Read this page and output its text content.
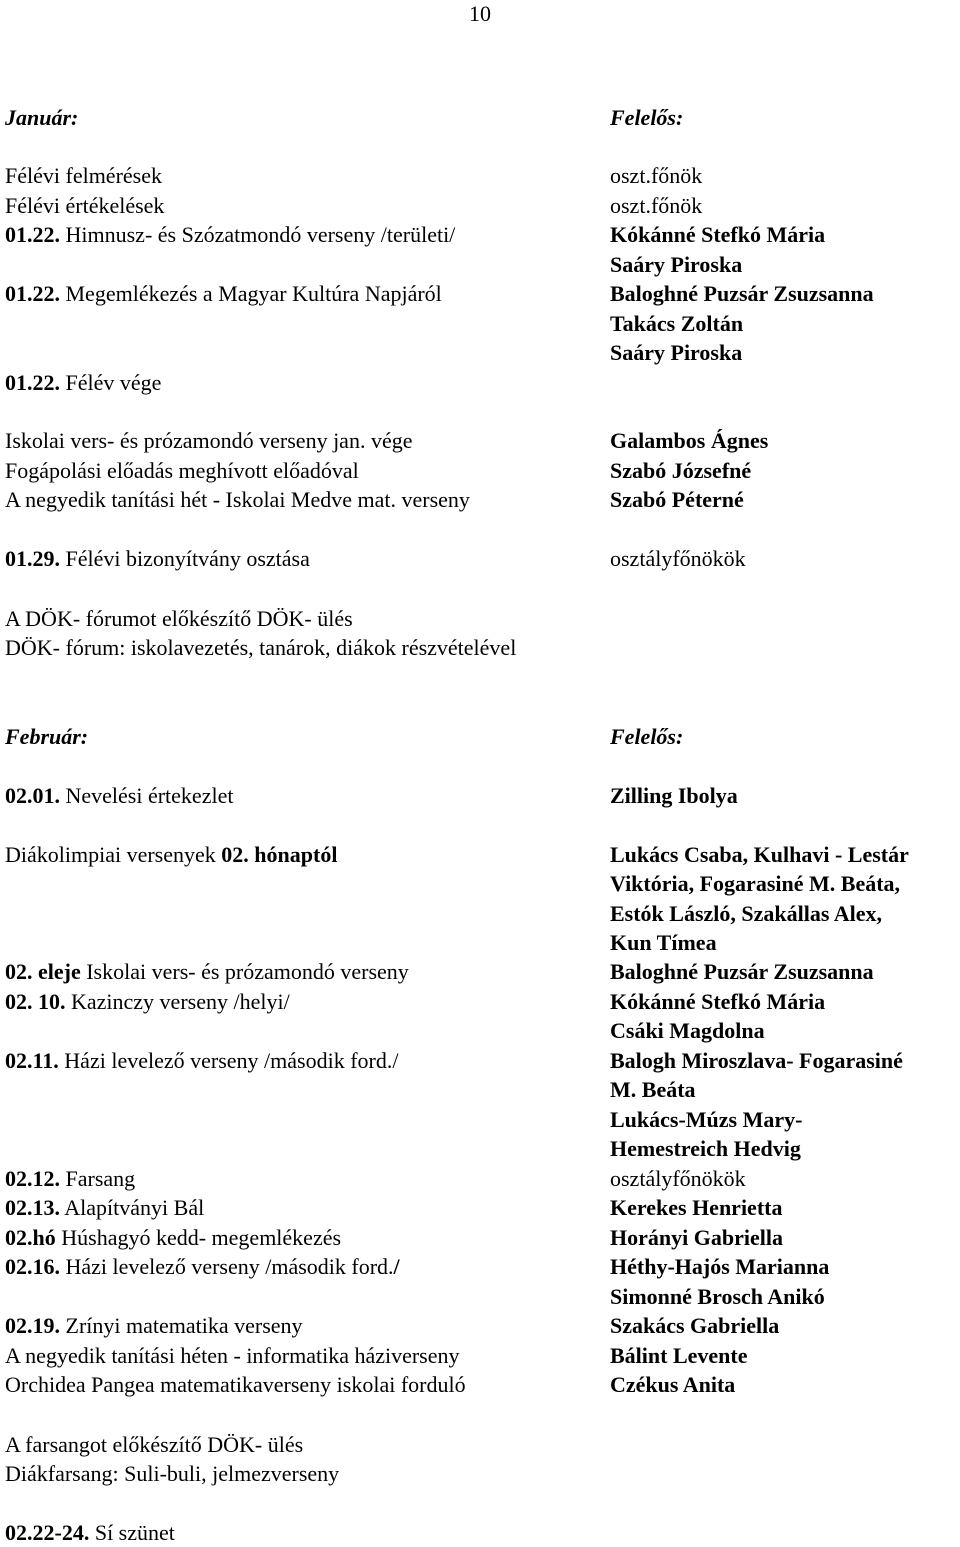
10
Január:	Felelős:
Félévi felmérések	oszt.főnök
Félévi értékelések	oszt.főnök
01.22. Himnusz- és Szózatmondó verseny /területi/	Kókánné Stefkó Mária
Saáry Piroska
01.22. Megemlékezés a Magyar Kultúra Napjáról	Baloghné Puzsár Zsuzsanna
Takács Zoltán
Saáry Piroska
01.22. Félév vége
Iskolai vers- és prózamondó verseny jan. vége	Galambos Ágnes
Fogápolási előadás meghívott előadóval	Szabó Józsefné
A negyedik tanítási hét - Iskolai Medve mat. verseny	Szabó Péterné
01.29. Félévi bizonyítvány osztása	osztályfőnökök
A DÖK- fórumot előkészítő DÖK- ülés
DÖK- fórum: iskolavezetés, tanárok, diákok részvételével
Február:	Felelős:
02.01. Nevelési értekezlet	Zilling Ibolya
Diákolimpiai versenyek 02. hónaptól	Lukács Csaba, Kulhavi - Lestár
Viktória, Fogarasiné M. Beáta,
Estók László, Szakállas Alex,
Kun Tímea
02. eleje Iskolai vers- és prózamondó verseny	Baloghné Puzsár Zsuzsanna
02. 10. Kazinczy verseny /helyi/	Kókánné Stefkó Mária
Csáki Magdolna
02.11. Házi levelező verseny /második ford./	Balogh Miroszlava- Fogarasiné
M. Beáta
Lukács-Múzs Mary-
Hemestreich Hedvig
02.12. Farsang	osztályfőnökök
02.13. Alapítványi Bál	Kerekes Henrietta
02.hó Húshagyó kedd- megemlékezés	Horányi Gabriella
02.16. Házi levelező verseny /második ford./	Héthy-Hajós Marianna
Simonné Brosch Anikó
02.19. Zrínyi matematika verseny	Szakács Gabriella
A negyedik tanítási héten - informatika háziverseny	Bálint Levente
Orchidea Pangea matematikaverseny iskolai forduló	Czékus Anita
A farsangot előkészítő DÖK- ülés
Diákfarsang: Suli-buli, jelmezverseny
02.22-24. Sí szünet
